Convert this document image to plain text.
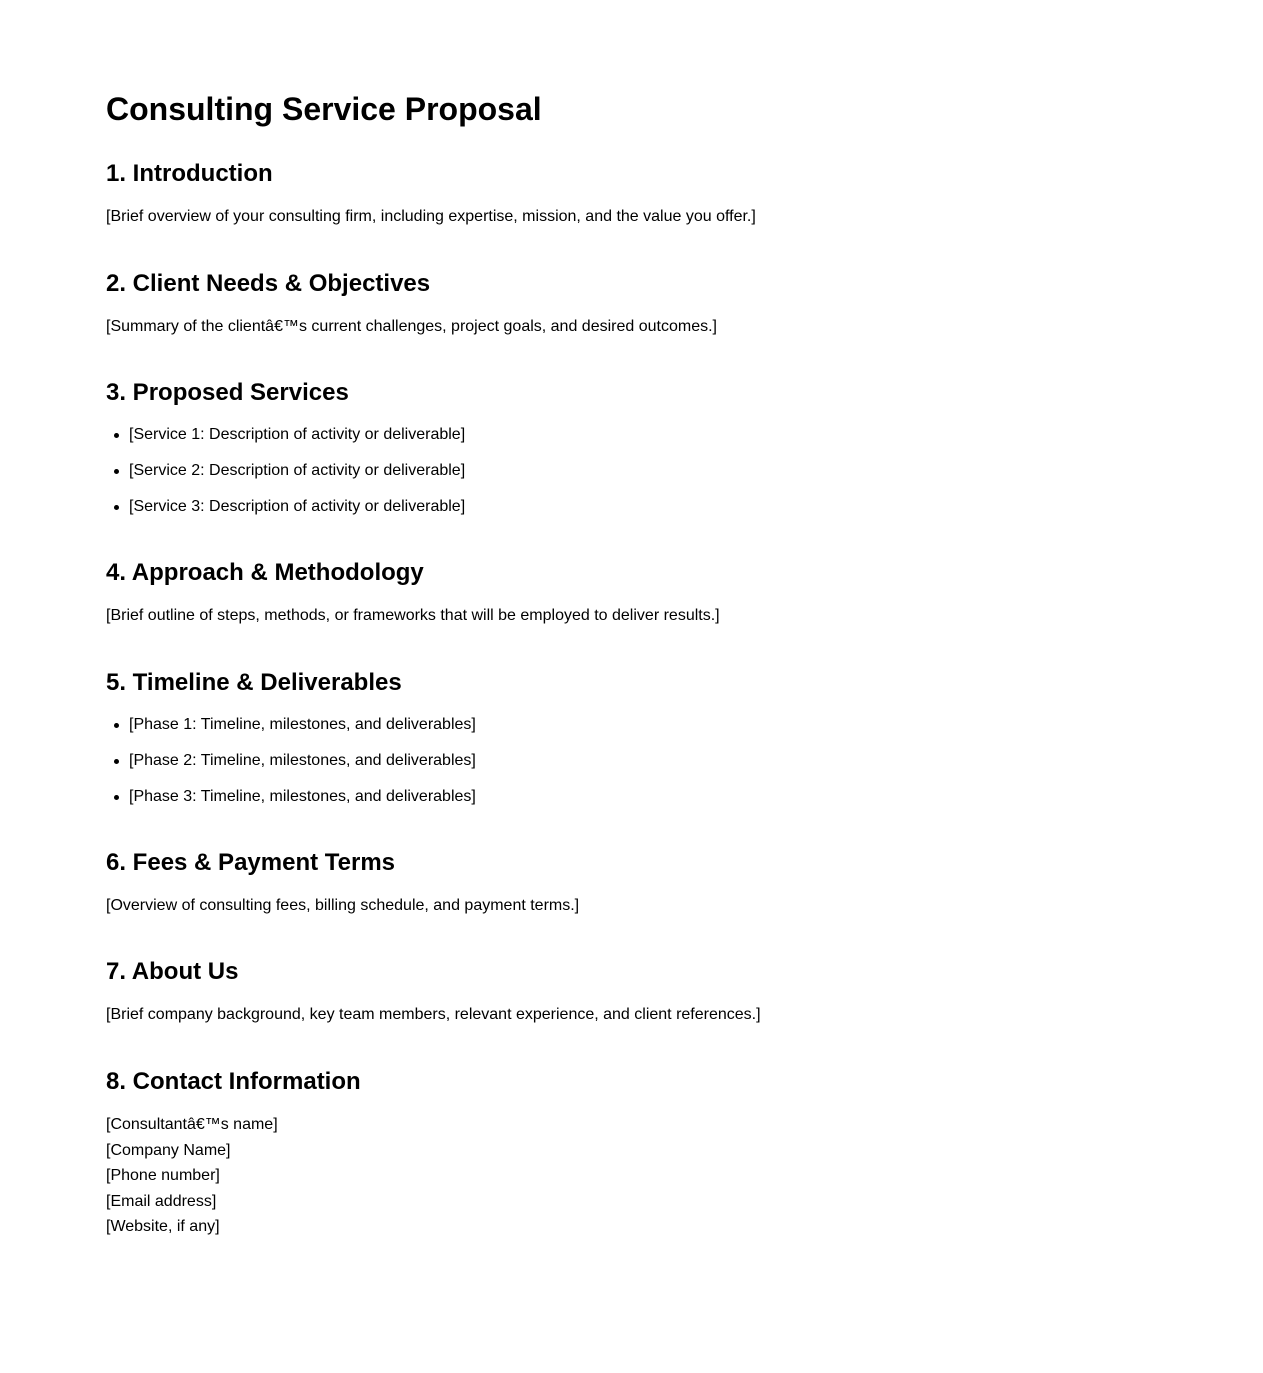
Consulting Service Proposal
1. Introduction

[Brief overview of your consulting firm, including expertise, mission, and the value you offer.]

2. Client Needs & Objectives

[Summary of the clientâ€™s current challenges, project goals, and desired outcomes.]

3. Proposed Services
[Service 1: Description of activity or deliverable]
[Service 2: Description of activity or deliverable]
[Service 3: Description of activity or deliverable]
4. Approach & Methodology

[Brief outline of steps, methods, or frameworks that will be employed to deliver results.]

5. Timeline & Deliverables
[Phase 1: Timeline, milestones, and deliverables]
[Phase 2: Timeline, milestones, and deliverables]
[Phase 3: Timeline, milestones, and deliverables]
6. Fees & Payment Terms

[Overview of consulting fees, billing schedule, and payment terms.]

7. About Us

[Brief company background, key team members, relevant experience, and client references.]

8. Contact Information
[Consultantâ€™s name]
[Company Name]
[Phone number]
[Email address]
[Website, if any]
